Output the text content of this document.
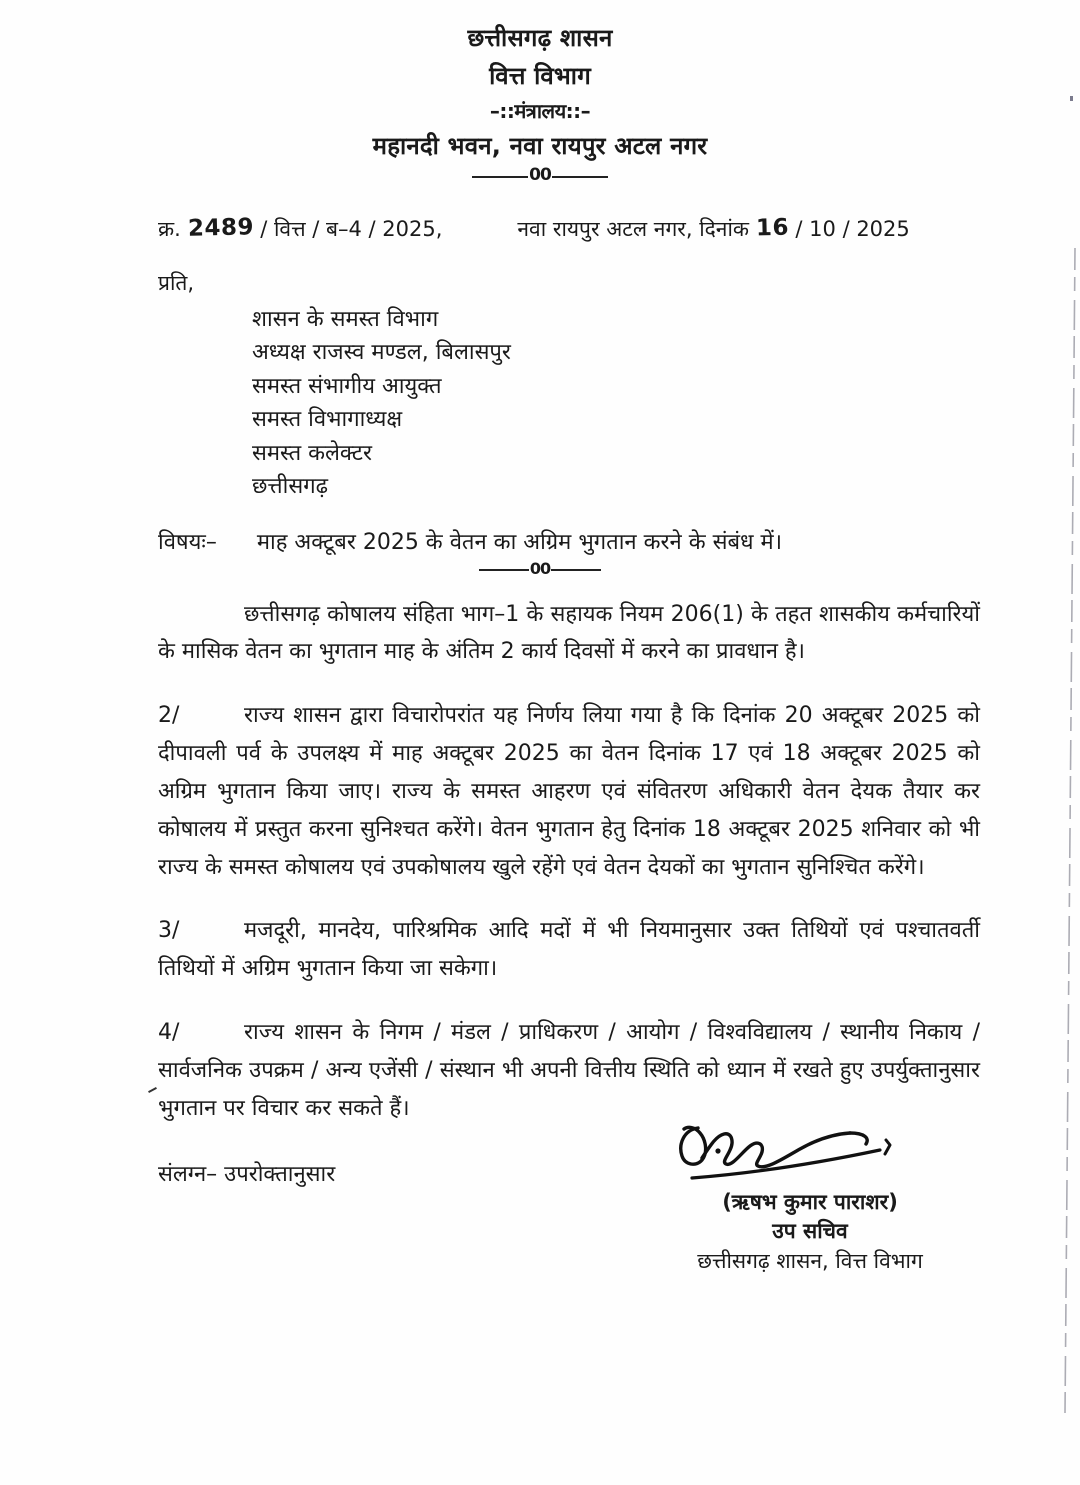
छत्तीसगढ़ शासन
वित्त विभाग
–::मंत्रालय::–
महानदी भवन, नवा रायपुर अटल नगर
00
क्र. 2489 / वित्त / ब–4 / 2025,	नवा रायपुर अटल नगर, दिनांक 16 / 10 / 2025
प्रति,
शासन के समस्त विभाग
अध्यक्ष राजस्व मण्डल, बिलासपुर
समस्त संभागीय आयुक्त
समस्त विभागाध्यक्ष
समस्त कलेक्टर
छत्तीसगढ़
विषयः– माह अक्टूबर 2025 के वेतन का अग्रिम भुगतान करने के संबंध में।
00

छत्तीसगढ़ कोषालय संहिता भाग–1 के सहायक नियम 206(1) के तहत शासकीय कर्मचारियों के मासिक वेतन का भुगतान माह के अंतिम 2 कार्य दिवसों में करने का प्रावधान है।

2/	राज्य शासन द्वारा विचारोपरांत यह निर्णय लिया गया है कि दिनांक 20 अक्टूबर 2025 को दीपावली पर्व के उपलक्ष्य में माह अक्टूबर 2025 का वेतन दिनांक 17 एवं 18 अक्टूबर 2025 को अग्रिम भुगतान किया जाए। राज्य के समस्त आहरण एवं संवितरण अधिकारी वेतन देयक तैयार कर कोषालय में प्रस्तुत करना सुनिश्चत करेंगे। वेतन भुगतान हेतु दिनांक 18 अक्टूबर 2025 शनिवार को भी राज्य के समस्त कोषालय एवं उपकोषालय खुले रहेंगे एवं वेतन देयकों का भुगतान सुनिश्चित करेंगे।

3/	मजदूरी, मानदेय, पारिश्रमिक आदि मदों में भी नियमानुसार उक्त तिथियों एवं पश्चातवर्ती तिथियों में अग्रिम भुगतान किया जा सकेगा।

4/	राज्य शासन के निगम / मंडल / प्राधिकरण / आयोग / विश्वविद्यालय / स्थानीय निकाय / सार्वजनिक उपक्रम / अन्य एजेंसी / संस्थान भी अपनी वित्तीय स्थिति को ध्यान में रखते हुए उपर्युक्तानुसार भुगतान पर विचार कर सकते हैं।

संलग्न– उपरोक्तानुसार
(ऋषभ कुमार पाराशर)
उप सचिव
छत्तीसगढ़ शासन, वित्त विभाग
